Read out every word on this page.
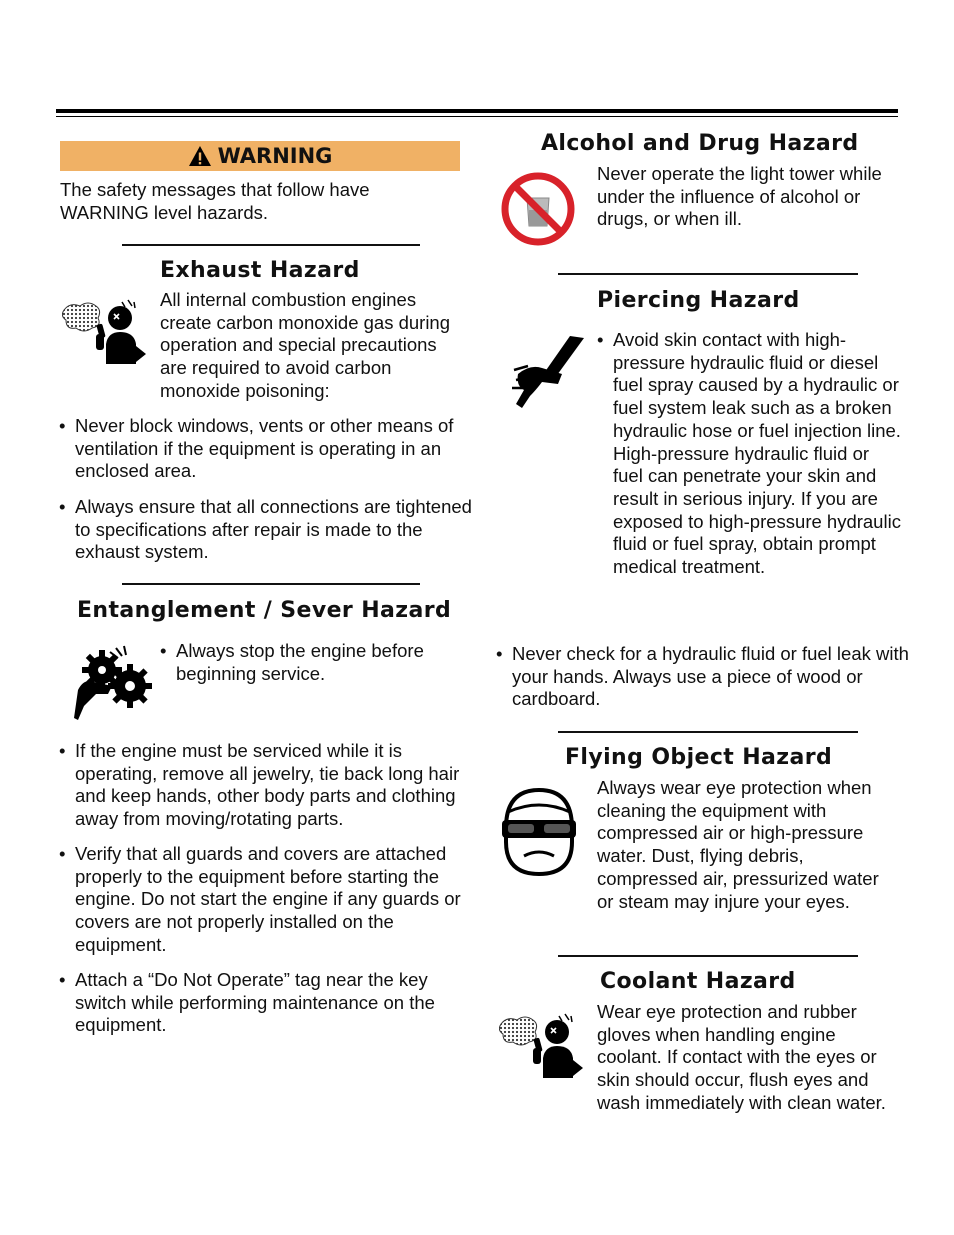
WARNING

The safety messages that follow have WARNING level hazards.

Exhaust Hazard

All internal combustion engines create carbon monoxide gas during operation and special precautions are required to avoid carbon monoxide poisoning:

• Never block windows, vents or other means of ventilation if the equipment is operating in an enclosed area.

• Always ensure that all connections are tightened to specifications after repair is made to the exhaust system.

Entanglement / Sever Hazard

• Always stop the engine before beginning service.

• If the engine must be serviced while it is operating, remove all jewelry, tie back long hair and keep hands, other body parts and clothing away from moving/rotating parts.

• Verify that all guards and covers are attached properly to the equipment before starting the engine. Do not start the engine if any guards or covers are not properly installed on the equipment.

• Attach a “Do Not Operate” tag near the key switch while performing maintenance on the equipment.

Alcohol and Drug Hazard

Never operate the light tower while under the influence of alcohol or drugs, or when ill.

Piercing Hazard

• Avoid skin contact with high-pressure hydraulic fluid or diesel fuel spray caused by a hydraulic or fuel system leak such as a broken hydraulic hose or fuel injection line. High-pressure hydraulic fluid or fuel can penetrate your skin and result in serious injury. If you are exposed to high-pressure hydraulic fluid or fuel spray, obtain prompt medical treatment.

• Never check for a hydraulic fluid or fuel leak with your hands. Always use a piece of wood or cardboard.

Flying Object Hazard

Always wear eye protection when cleaning the equipment with compressed air or high-pressure water. Dust, flying debris, compressed air, pressurized water or steam may injure your eyes.

Coolant Hazard

Wear eye protection and rubber gloves when handling engine coolant. If contact with the eyes or skin should occur, flush eyes and wash immediately with clean water.
